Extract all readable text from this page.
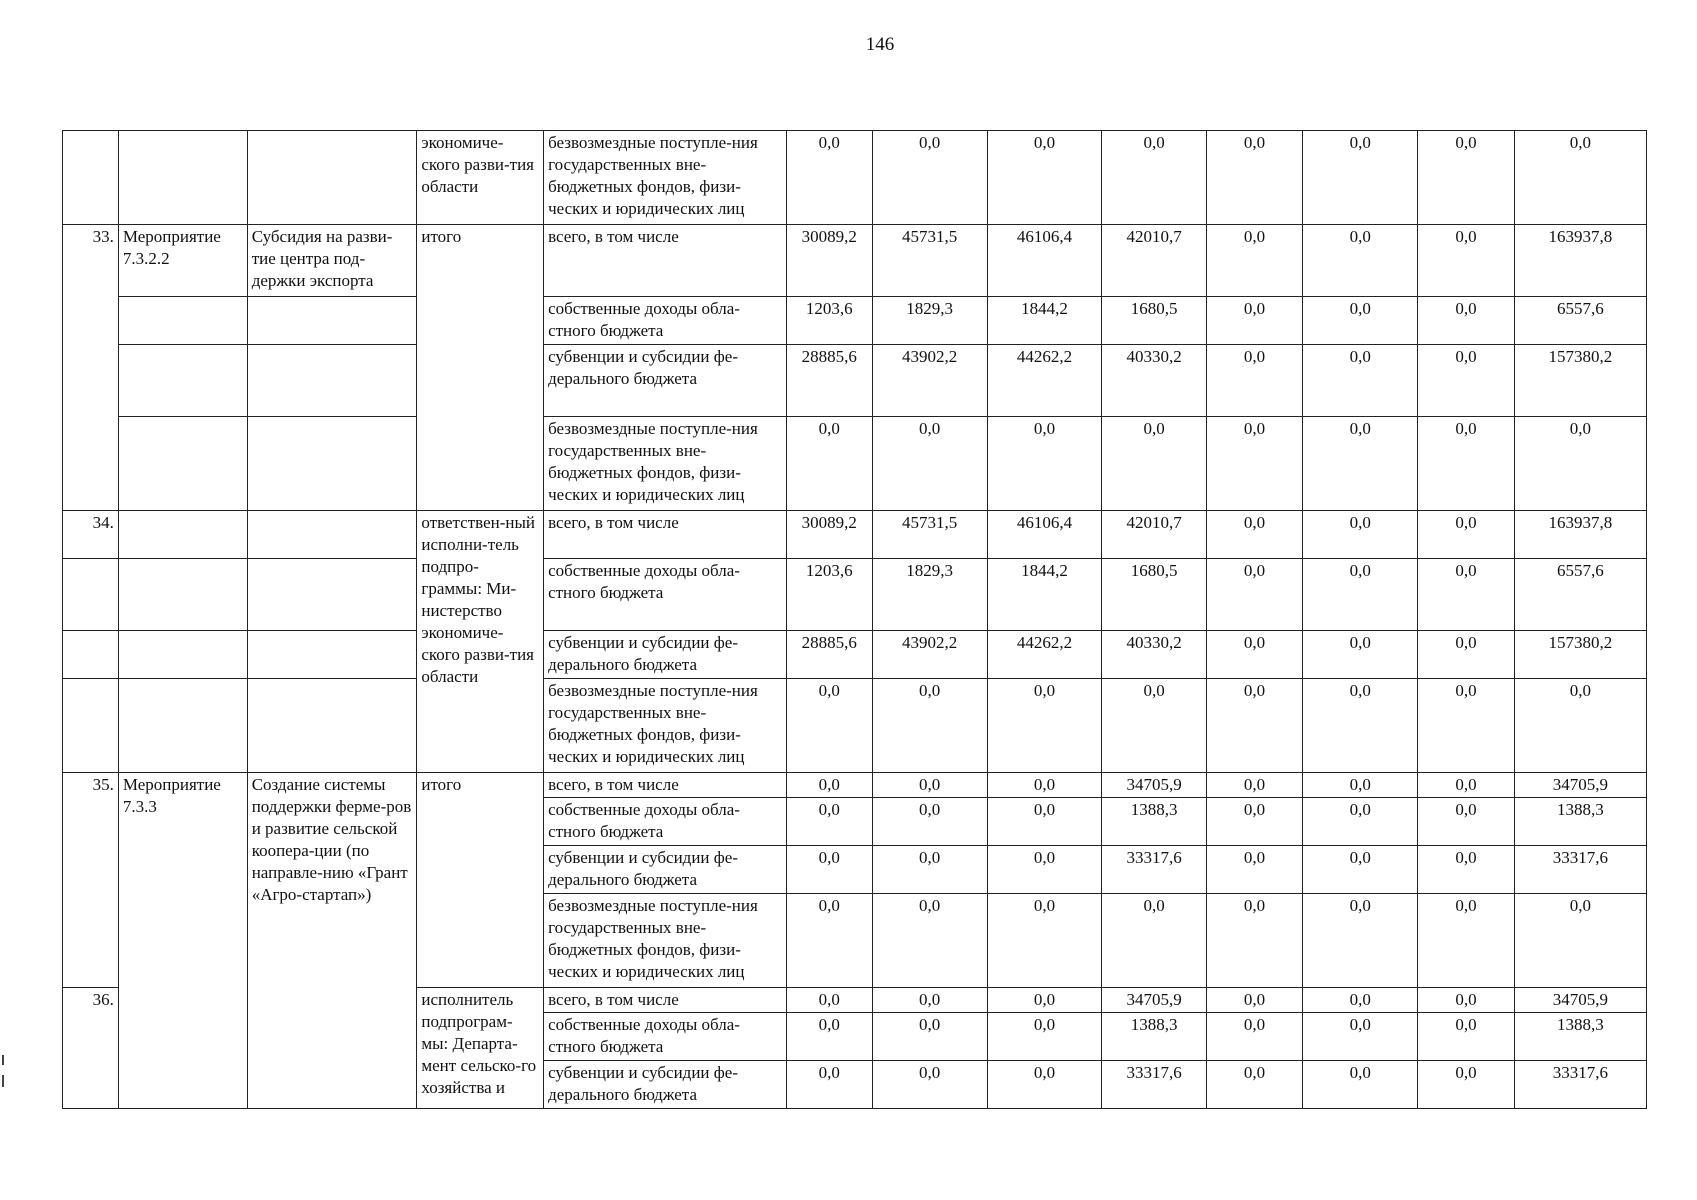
146
			экономиче-ского разви-тия области	безвозмездные поступле-ния государственных вне-бюджетных фондов, физи-ческих и юридических лиц	0,0	0,0	0,0	0,0	0,0	0,0	0,0	0,0
33.	Мероприятие 7.3.2.2	Субсидия на разви-тие центра под-держки экспорта	итого	всего, в том числе	30089,2	45731,5	46106,4	42010,7	0,0	0,0	0,0	163937,8
				собственные доходы обла-стного бюджета	1203,6	1829,3	1844,2	1680,5	0,0	0,0	0,0	6557,6
				субвенции и субсидии фе-дерального бюджета	28885,6	43902,2	44262,2	40330,2	0,0	0,0	0,0	157380,2
				безвозмездные поступле-ния государственных вне-бюджетных фондов, физи-ческих и юридических лиц	0,0	0,0	0,0	0,0	0,0	0,0	0,0	0,0
34.			ответствен-ный исполни-тель подпро-граммы: Ми-нистерство экономиче-ского разви-тия области	всего, в том числе	30089,2	45731,5	46106,4	42010,7	0,0	0,0	0,0	163937,8
				собственные доходы обла-стного бюджета	1203,6	1829,3	1844,2	1680,5	0,0	0,0	0,0	6557,6
				субвенции и субсидии фе-дерального бюджета	28885,6	43902,2	44262,2	40330,2	0,0	0,0	0,0	157380,2
				безвозмездные поступле-ния государственных вне-бюджетных фондов, физи-ческих и юридических лиц	0,0	0,0	0,0	0,0	0,0	0,0	0,0	0,0
35.	Мероприятие 7.3.3	Создание системы поддержки ферме-ров и развитие сельской коопера-ции (по направле-нию «Грант «Агро-стартап»)	итого	всего, в том числе	0,0	0,0	0,0	34705,9	0,0	0,0	0,0	34705,9
				собственные доходы обла-стного бюджета	0,0	0,0	0,0	1388,3	0,0	0,0	0,0	1388,3
				субвенции и субсидии фе-дерального бюджета	0,0	0,0	0,0	33317,6	0,0	0,0	0,0	33317,6
				безвозмездные поступле-ния государственных вне-бюджетных фондов, физи-ческих и юридических лиц	0,0	0,0	0,0	0,0	0,0	0,0	0,0	0,0
36.			исполнитель подпрограм-мы: Департа-мент сельско-го хозяйства и	всего, в том числе	0,0	0,0	0,0	34705,9	0,0	0,0	0,0	34705,9
				собственные доходы обла-стного бюджета	0,0	0,0	0,0	1388,3	0,0	0,0	0,0	1388,3
				субвенции и субсидии фе-дерального бюджета	0,0	0,0	0,0	33317,6	0,0	0,0	0,0	33317,6
